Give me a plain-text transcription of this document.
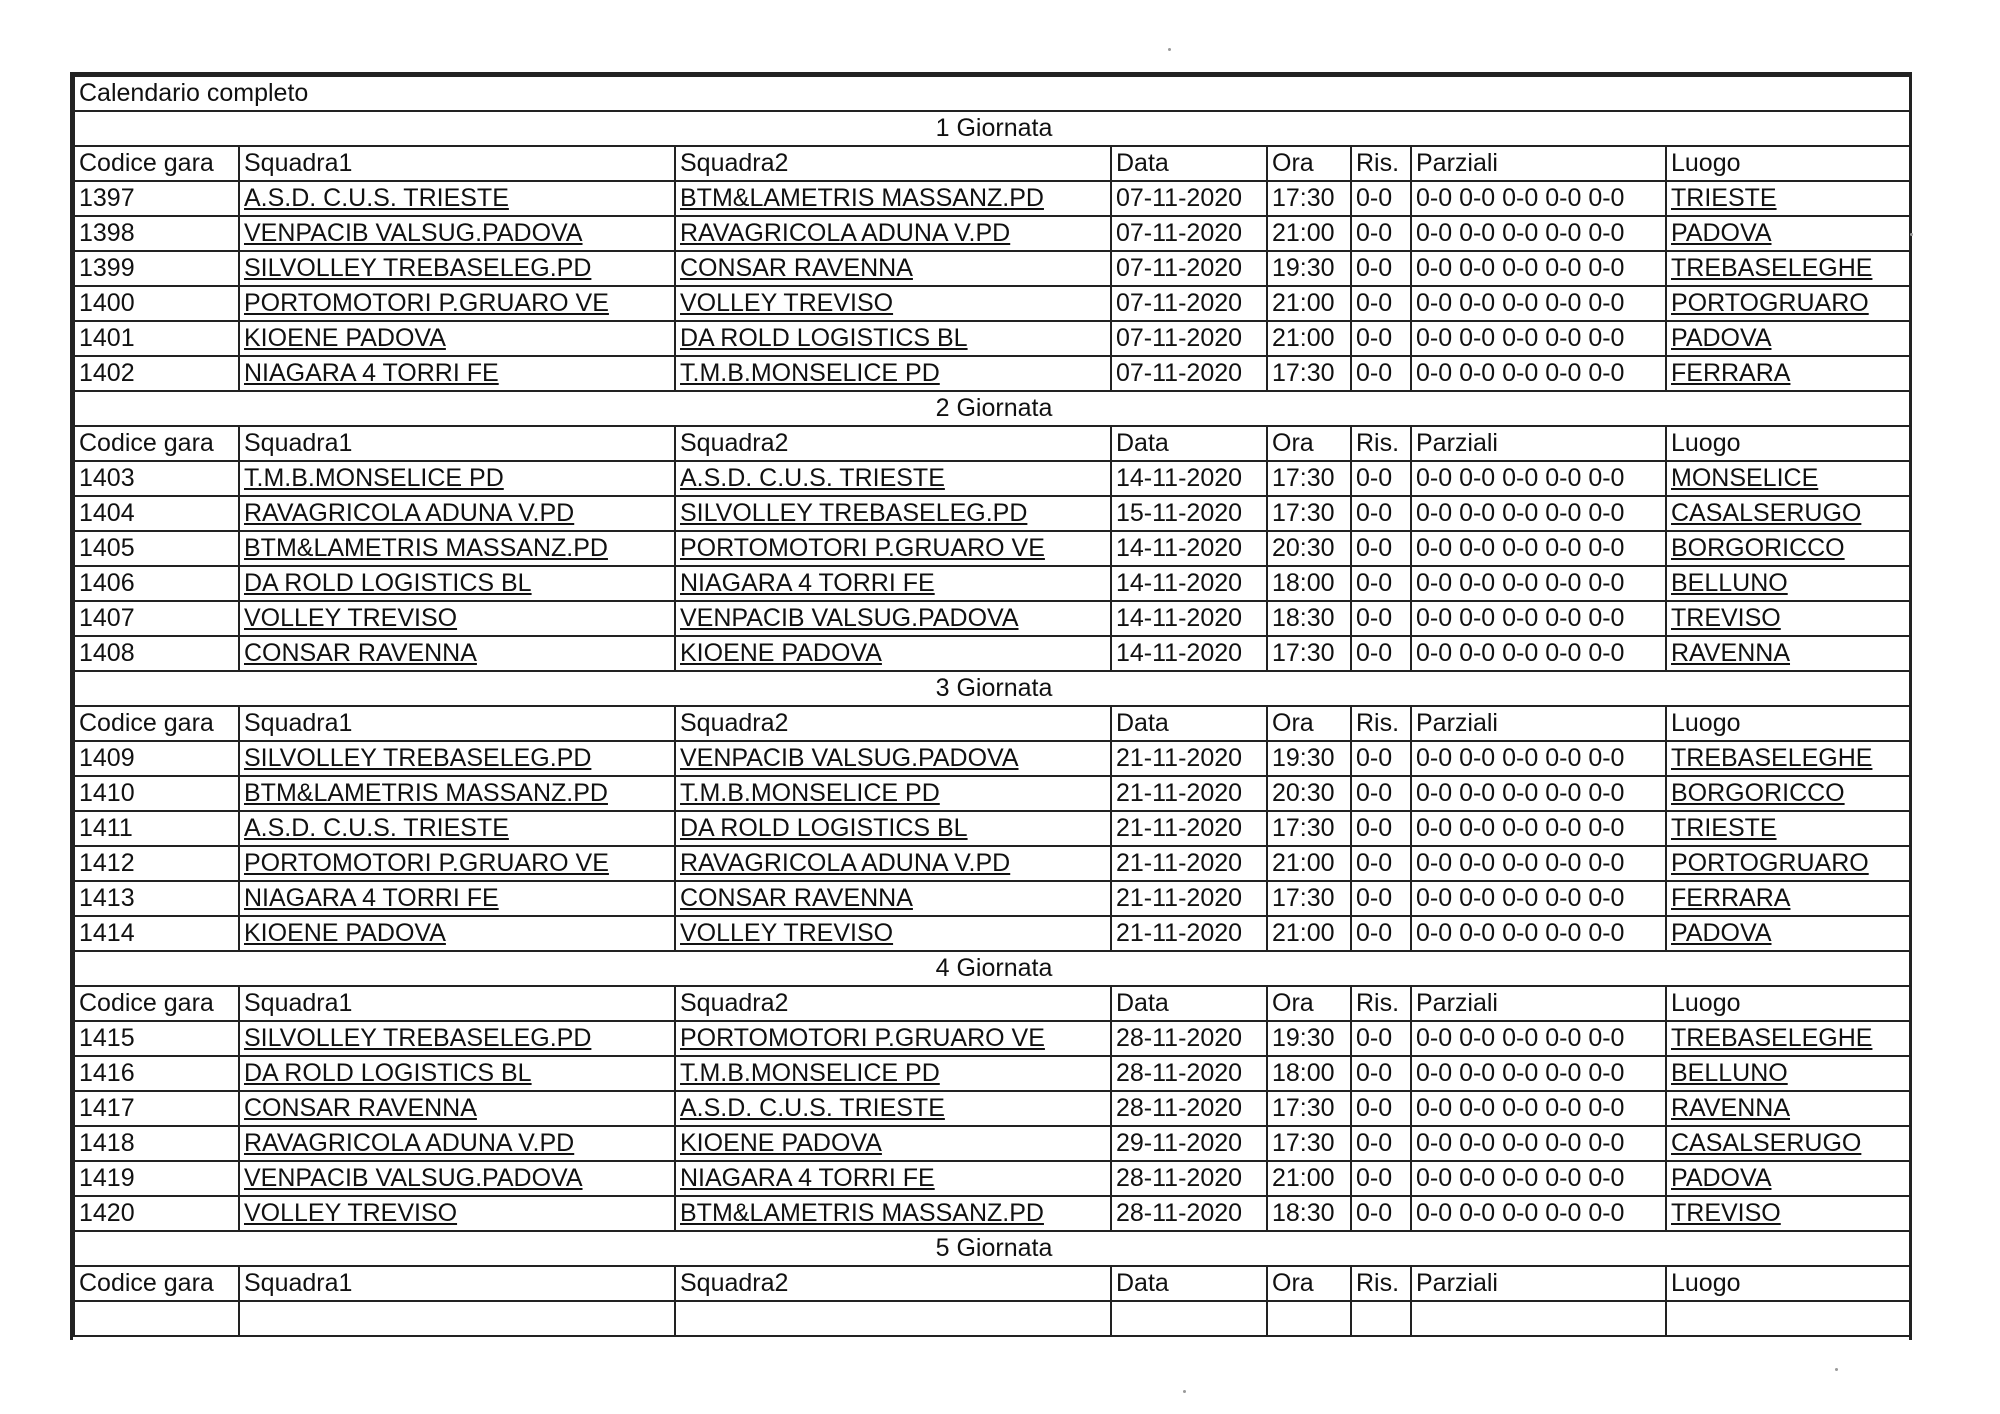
Calendario completo							
1 Giornata							
Codice gara	Squadra1	Squadra2	Data	Ora	Ris.	Parziali	Luogo
1397	A.S.D. C.U.S. TRIESTE	BTM&LAMETRIS MASSANZ.PD	07-11-2020	17:30	0-0	0-0 0-0 0-0 0-0 0-0	TRIESTE
1398	VENPACIB VALSUG.PADOVA	RAVAGRICOLA ADUNA V.PD	07-11-2020	21:00	0-0	0-0 0-0 0-0 0-0 0-0	PADOVA
1399	SILVOLLEY TREBASELEG.PD	CONSAR RAVENNA	07-11-2020	19:30	0-0	0-0 0-0 0-0 0-0 0-0	TREBASELEGHE
1400	PORTOMOTORI P.GRUARO VE	VOLLEY TREVISO	07-11-2020	21:00	0-0	0-0 0-0 0-0 0-0 0-0	PORTOGRUARO
1401	KIOENE PADOVA	DA ROLD LOGISTICS BL	07-11-2020	21:00	0-0	0-0 0-0 0-0 0-0 0-0	PADOVA
1402	NIAGARA 4 TORRI FE	T.M.B.MONSELICE PD	07-11-2020	17:30	0-0	0-0 0-0 0-0 0-0 0-0	FERRARA
2 Giornata							
Codice gara	Squadra1	Squadra2	Data	Ora	Ris.	Parziali	Luogo
1403	T.M.B.MONSELICE PD	A.S.D. C.U.S. TRIESTE	14-11-2020	17:30	0-0	0-0 0-0 0-0 0-0 0-0	MONSELICE
1404	RAVAGRICOLA ADUNA V.PD	SILVOLLEY TREBASELEG.PD	15-11-2020	17:30	0-0	0-0 0-0 0-0 0-0 0-0	CASALSERUGO
1405	BTM&LAMETRIS MASSANZ.PD	PORTOMOTORI P.GRUARO VE	14-11-2020	20:30	0-0	0-0 0-0 0-0 0-0 0-0	BORGORICCO
1406	DA ROLD LOGISTICS BL	NIAGARA 4 TORRI FE	14-11-2020	18:00	0-0	0-0 0-0 0-0 0-0 0-0	BELLUNO
1407	VOLLEY TREVISO	VENPACIB VALSUG.PADOVA	14-11-2020	18:30	0-0	0-0 0-0 0-0 0-0 0-0	TREVISO
1408	CONSAR RAVENNA	KIOENE PADOVA	14-11-2020	17:30	0-0	0-0 0-0 0-0 0-0 0-0	RAVENNA
3 Giornata							
Codice gara	Squadra1	Squadra2	Data	Ora	Ris.	Parziali	Luogo
1409	SILVOLLEY TREBASELEG.PD	VENPACIB VALSUG.PADOVA	21-11-2020	19:30	0-0	0-0 0-0 0-0 0-0 0-0	TREBASELEGHE
1410	BTM&LAMETRIS MASSANZ.PD	T.M.B.MONSELICE PD	21-11-2020	20:30	0-0	0-0 0-0 0-0 0-0 0-0	BORGORICCO
1411	A.S.D. C.U.S. TRIESTE	DA ROLD LOGISTICS BL	21-11-2020	17:30	0-0	0-0 0-0 0-0 0-0 0-0	TRIESTE
1412	PORTOMOTORI P.GRUARO VE	RAVAGRICOLA ADUNA V.PD	21-11-2020	21:00	0-0	0-0 0-0 0-0 0-0 0-0	PORTOGRUARO
1413	NIAGARA 4 TORRI FE	CONSAR RAVENNA	21-11-2020	17:30	0-0	0-0 0-0 0-0 0-0 0-0	FERRARA
1414	KIOENE PADOVA	VOLLEY TREVISO	21-11-2020	21:00	0-0	0-0 0-0 0-0 0-0 0-0	PADOVA
4 Giornata							
Codice gara	Squadra1	Squadra2	Data	Ora	Ris.	Parziali	Luogo
1415	SILVOLLEY TREBASELEG.PD	PORTOMOTORI P.GRUARO VE	28-11-2020	19:30	0-0	0-0 0-0 0-0 0-0 0-0	TREBASELEGHE
1416	DA ROLD LOGISTICS BL	T.M.B.MONSELICE PD	28-11-2020	18:00	0-0	0-0 0-0 0-0 0-0 0-0	BELLUNO
1417	CONSAR RAVENNA	A.S.D. C.U.S. TRIESTE	28-11-2020	17:30	0-0	0-0 0-0 0-0 0-0 0-0	RAVENNA
1418	RAVAGRICOLA ADUNA V.PD	KIOENE PADOVA	29-11-2020	17:30	0-0	0-0 0-0 0-0 0-0 0-0	CASALSERUGO
1419	VENPACIB VALSUG.PADOVA	NIAGARA 4 TORRI FE	28-11-2020	21:00	0-0	0-0 0-0 0-0 0-0 0-0	PADOVA
1420	VOLLEY TREVISO	BTM&LAMETRIS MASSANZ.PD	28-11-2020	18:30	0-0	0-0 0-0 0-0 0-0 0-0	TREVISO
5 Giornata							
Codice gara	Squadra1	Squadra2	Data	Ora	Ris.	Parziali	Luogo
